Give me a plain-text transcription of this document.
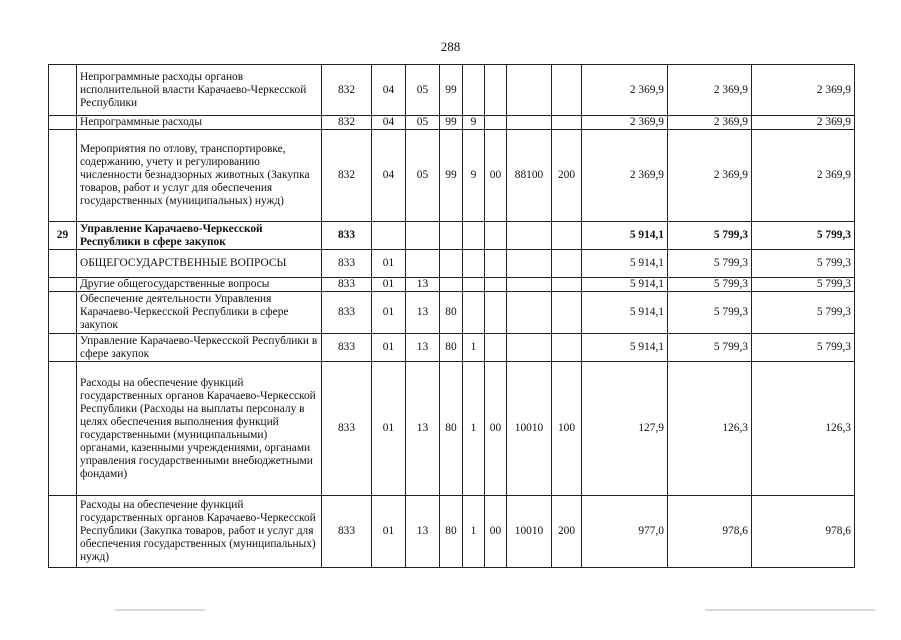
288
	Непрограммные расходы органов исполнительной власти Карачаево-Черкесской Республики	832	04	05	99					2 369,9	2 369,9	2 369,9
	Непрограммные расходы	832	04	05	99	9				2 369,9	2 369,9	2 369,9
	Мероприятия по отлову, транспортировке, содержанию, учету и регулированию численности безнадзорных животных (Закупка товаров, работ и услуг для обеспечения государственных (муниципальных) нужд)	832	04	05	99	9	00	88100	200	2 369,9	2 369,9	2 369,9
29	Управление Карачаево-Черкесской Республики в сфере закупок	833								5 914,1	5 799,3	5 799,3
	ОБЩЕГОСУДАРСТВЕННЫЕ ВОПРОСЫ	833	01							5 914,1	5 799,3	5 799,3
	Другие общегосударственные вопросы	833	01	13						5 914,1	5 799,3	5 799,3
	Обеспечение деятельности Управления Карачаево-Черкесской Республики в сфере закупок	833	01	13	80					5 914,1	5 799,3	5 799,3
	Управление Карачаево-Черкесской Республики в сфере закупок	833	01	13	80	1				5 914,1	5 799,3	5 799,3
	Расходы на обеспечение функций государственных органов Карачаево-Черкесской Республики (Расходы на выплаты персоналу в целях обеспечения выполнения функций государственными (муниципальными) органами, казенными учреждениями, органами управления государственными внебюджетными фондами)	833	01	13	80	1	00	10010	100	127,9	126,3	126,3
	Расходы на обеспечение функций государственных органов Карачаево-Черкесской Республики (Закупка товаров, работ и услуг для обеспечения государственных (муниципальных) нужд)	833	01	13	80	1	00	10010	200	977,0	978,6	978,6
